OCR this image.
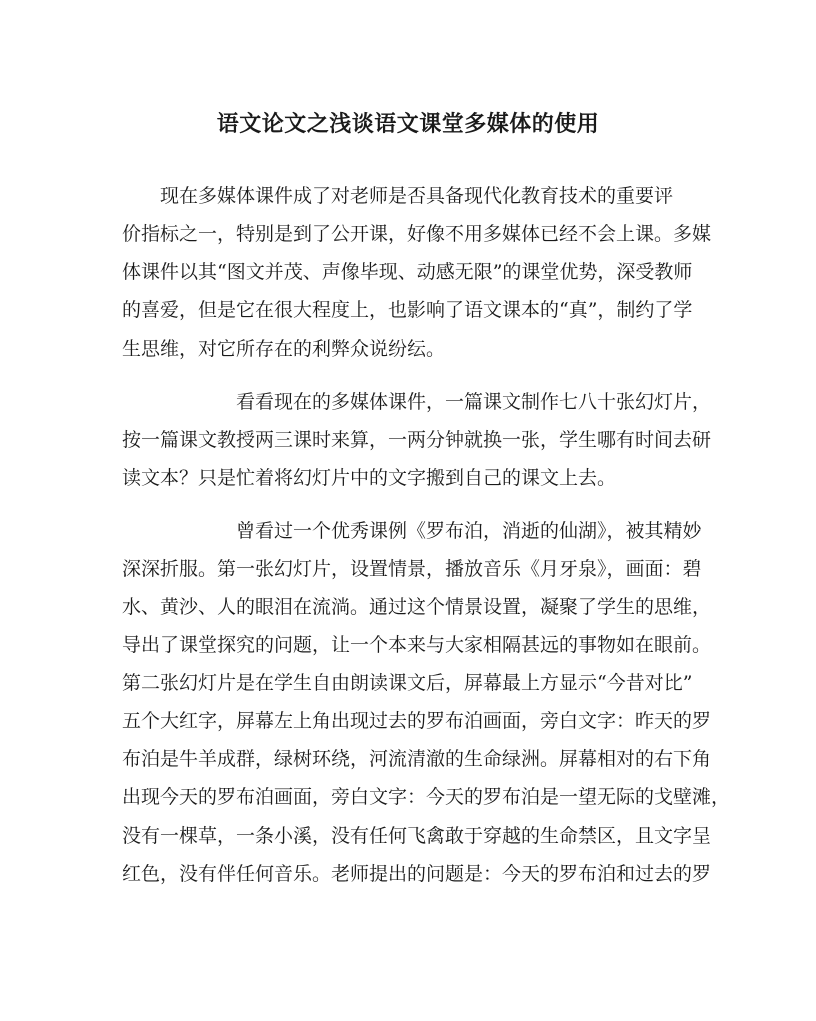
语文论文之浅谈语文课堂多媒体的使用
　　现在多媒体课件成了对老师是否具备现代化教育技术的重要评
价指标之一，特别是到了公开课，好像不用多媒体已经不会上课。多媒
体课件以其“图文并茂、声像毕现、动感无限”的课堂优势，深受教师
的喜爱，但是它在很大程度上，也影响了语文课本的“真”，制约了学
生思维，对它所存在的利弊众说纷纭。
　　　　　　看看现在的多媒体课件，一篇课文制作七八十张幻灯片，
按一篇课文教授两三课时来算，一两分钟就换一张，学生哪有时间去研
读文本？只是忙着将幻灯片中的文字搬到自己的课文上去。
　　　　　　曾看过一个优秀课例《罗布泊，消逝的仙湖》，被其精妙
深深折服。第一张幻灯片，设置情景，播放音乐《月牙泉》，画面：碧
水、黄沙、人的眼泪在流淌。通过这个情景设置，凝聚了学生的思维，
导出了课堂探究的问题，让一个本来与大家相隔甚远的事物如在眼前。
第二张幻灯片是在学生自由朗读课文后，屏幕最上方显示“今昔对比”
五个大红字，屏幕左上角出现过去的罗布泊画面，旁白文字：昨天的罗
布泊是牛羊成群，绿树环绕，河流清澈的生命绿洲。屏幕相对的右下角
出现今天的罗布泊画面，旁白文字：今天的罗布泊是一望无际的戈壁滩，
没有一棵草，一条小溪，没有任何飞禽敢于穿越的生命禁区，且文字呈
红色，没有伴任何音乐。老师提出的问题是：今天的罗布泊和过去的罗
